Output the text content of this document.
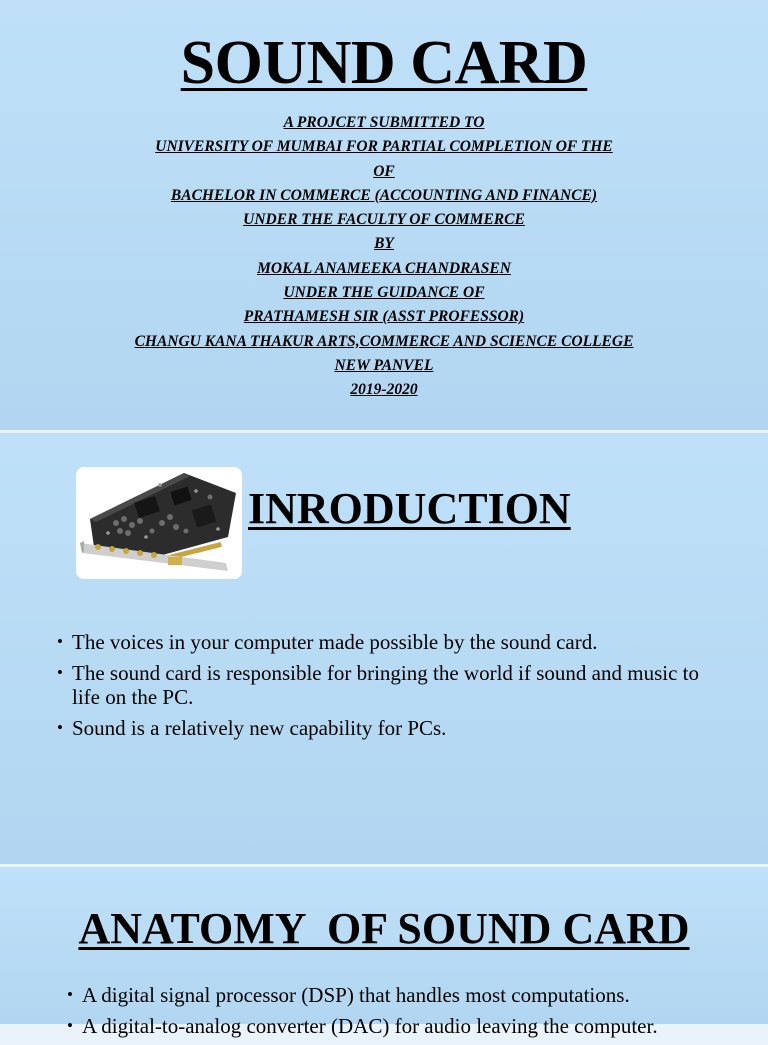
SOUND CARD
A PROJCET SUBMITTED TO
UNIVERSITY OF MUMBAI FOR PARTIAL COMPLETION OF THE
OF
BACHELOR IN COMMERCE (ACCOUNTING AND FINANCE)
UNDER THE FACULTY OF COMMERCE
BY
MOKAL ANAMEEKA CHANDRASEN
UNDER THE GUIDANCE OF
PRATHAMESH SIR (ASST PROFESSOR)
CHANGU KANA THAKUR ARTS,COMMERCE AND SCIENCE COLLEGE
NEW PANVEL
2019-2020
INRODUCTION
• The voices in your computer made possible by the sound card.
• The sound card is responsible for bringing the world if sound and music to life on the PC.
• Sound is a relatively new capability for PCs.
ANATOMY  OF SOUND CARD
• A digital signal processor (DSP) that handles most computations.
• A digital-to-analog converter (DAC) for audio leaving the computer.
